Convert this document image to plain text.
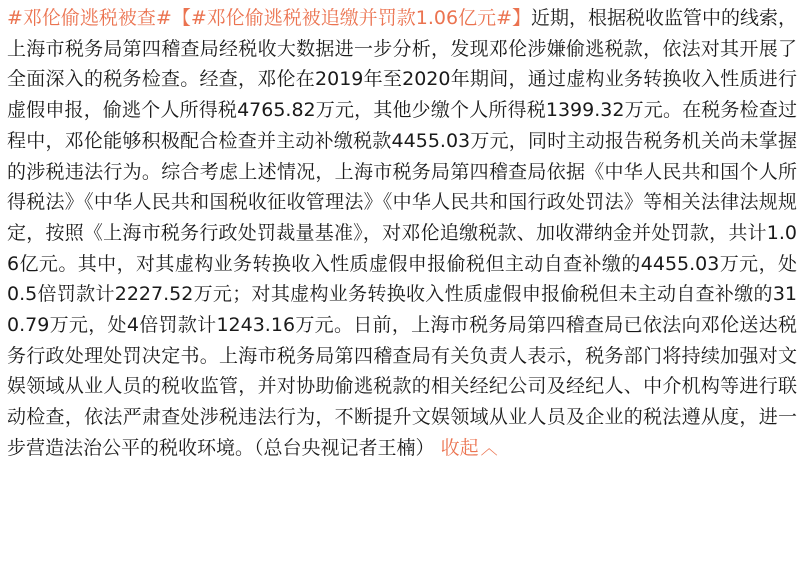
#邓伦偷逃税被查#【#邓伦偷逃税被追缴并罚款1.06亿元#】近期，根据税收监管中的线索，上海市税务局第四稽查局经税收大数据进一步分析，发现邓伦涉嫌偷逃税款，依法对其开展了全面深入的税务检查。经查，邓伦在2019年至2020年期间，通过虚构业务转换收入性质进行虚假申报，偷逃个人所得税4765.82万元，其他少缴个人所得税1399.32万元。在税务检查过程中，邓伦能够积极配合检查并主动补缴税款4455.03万元，同时主动报告税务机关尚未掌握的涉税违法行为。综合考虑上述情况，上海市税务局第四稽查局依据《中华人民共和国个人所得税法》《中华人民共和国税收征收管理法》《中华人民共和国行政处罚法》等相关法律法规规定，按照《上海市税务行政处罚裁量基准》，对邓伦追缴税款、加收滞纳金并处罚款，共计1.06亿元。其中，对其虚构业务转换收入性质虚假申报偷税但主动自查补缴的4455.03万元，处0.5倍罚款计2227.52万元；对其虚构业务转换收入性质虚假申报偷税但未主动自查补缴的310.79万元，处4倍罚款计1243.16万元。日前，上海市税务局第四稽查局已依法向邓伦送达税务行政处理处罚决定书。上海市税务局第四稽查局有关负责人表示，税务部门将持续加强对文娱领域从业人员的税收监管，并对协助偷逃税款的相关经纪公司及经纪人、中介机构等进行联动检查，依法严肃查处涉税违法行为，不断提升文娱领域从业人员及企业的税法遵从度，进一步营造法治公平的税收环境。（总台央视记者王楠） 收起 ︿
